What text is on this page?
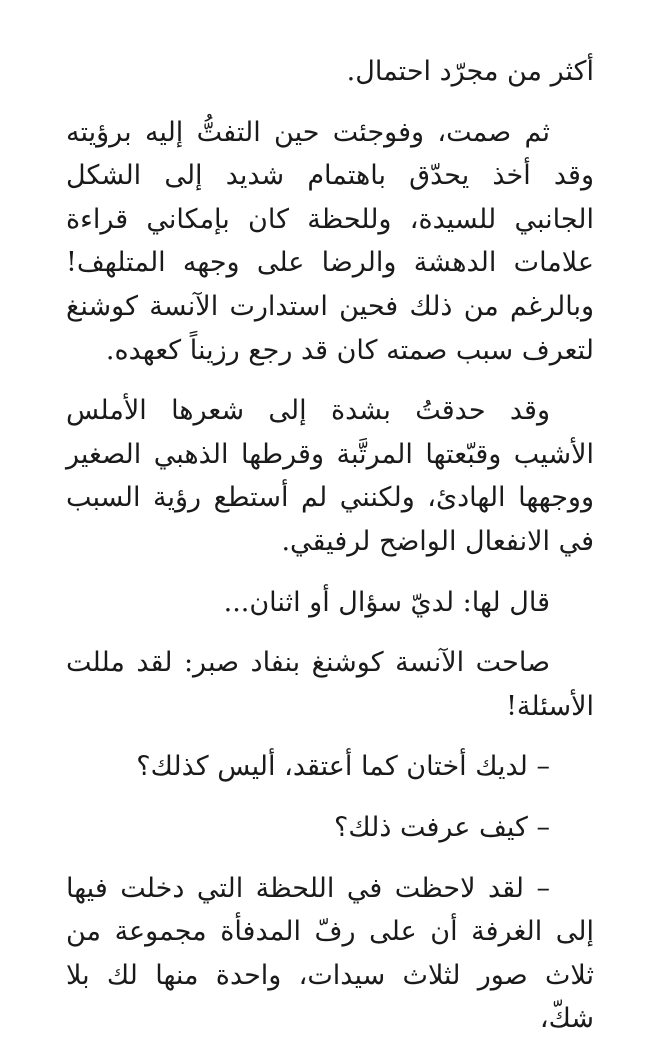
أكثر من مجرّد احتمال.

ثم صمت، وفوجئت حين التفتُّ إليه برؤيته وقد أخذ يحدّق باهتمام شديد إلى الشكل الجانبي للسيدة، وللحظة كان بإمكاني قراءة علامات الدهشة والرضا على وجهه المتلهف! وبالرغم من ذلك فحين استدارت الآنسة كوشنغ لتعرف سبب صمته كان قد رجع رزيناً كعهده.

وقد حدقتُ بشدة إلى شعرها الأملس الأشيب وقبّعتها المرتَّبة وقرطها الذهبي الصغير ووجهها الهادئ، ولكنني لم أستطع رؤية السبب في الانفعال الواضح لرفيقي.

قال لها: لديّ سؤال أو اثنان...

صاحت الآنسة كوشنغ بنفاد صبر: لقد مللت الأسئلة!

– لديك أختان كما أعتقد، أليس كذلك؟

– كيف عرفت ذلك؟

– لقد لاحظت في اللحظة التي دخلت فيها إلى الغرفة أن على رفّ المدفأة مجموعة من ثلاث صور لثلاث سيدات، واحدة منها لك بلا شكّ،
